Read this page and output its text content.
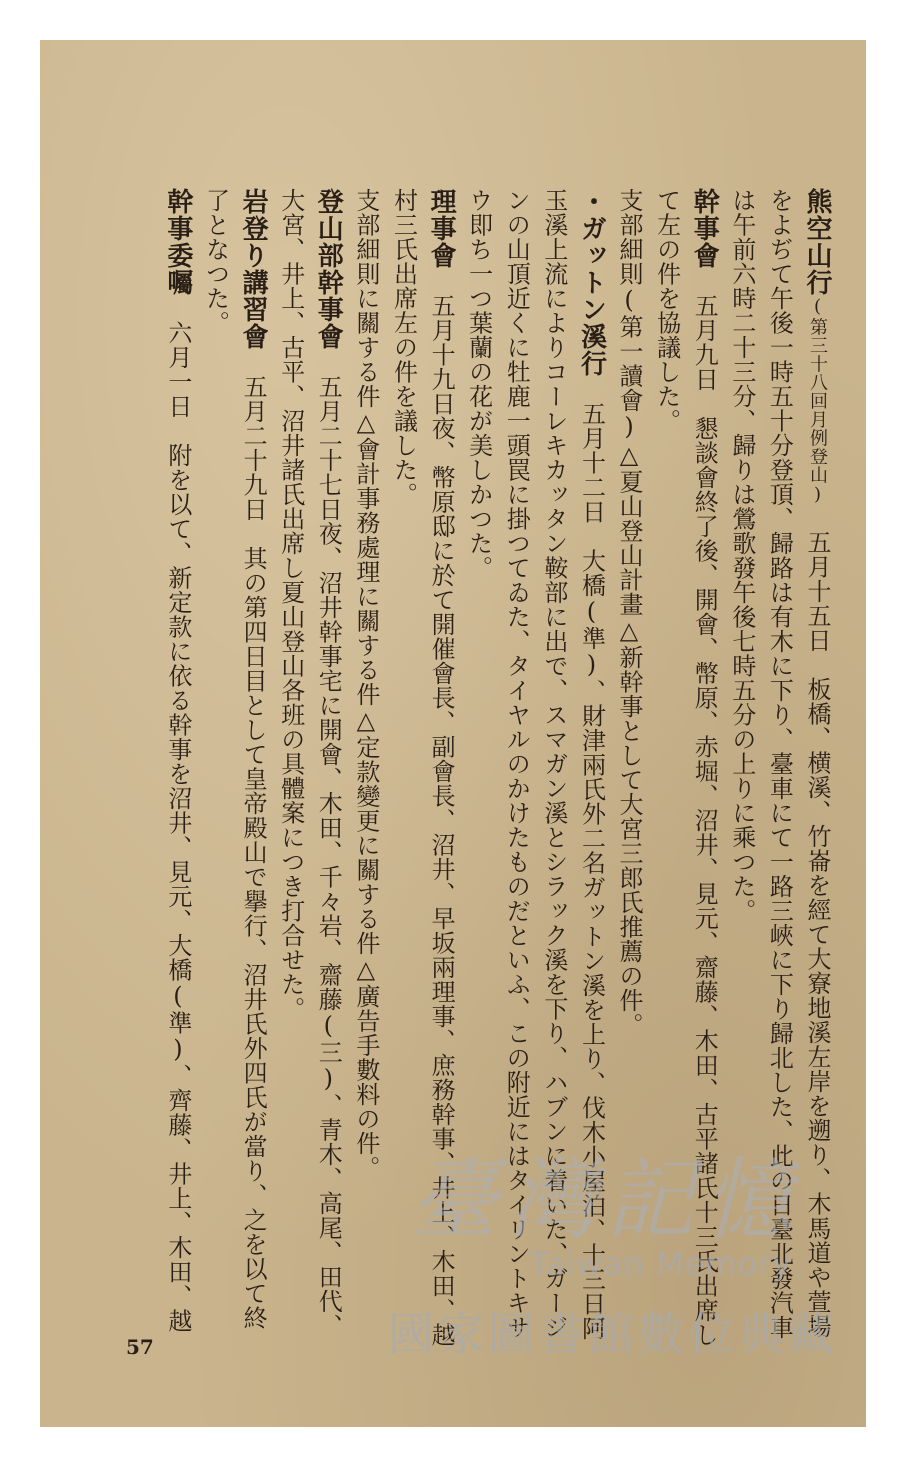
熊空山行(第三十八回月例登山)　五月十五日　板橋、横溪、竹崙を經て大寮地溪左岸を遡り、木馬道や萱場をよぢて午後一時五十分登頂、歸路は有木に下り、臺車にて一路三峽に下り歸北した、此の日臺北發汽車は午前六時二十三分、歸りは鶯歌發午後七時五分の上りに乘つた。

幹事會　五月九日　懇談會終了後、開會、幣原、赤堀、沼井、見元、齋藤、木田、古平諸氏十三氏出席して左の件を協議した。

支部細則(第一讀會)△夏山登山計畫△新幹事として大宮三郎氏推薦の件。

・ガットン溪行　五月十二日　大橋(準)、財津兩氏外二名ガットン溪を上り、伐木小屋泊、十三日阿玉溪上流によりコーレキカッタン鞍部に出で、スマガン溪とシラック溪を下り、ハブンに着いた、ガージンの山頂近くに牡鹿一頭罠に掛つてゐた、タイヤルのかけたものだといふ、この附近にはタイリントキサウ即ち一つ葉蘭の花が美しかつた。

理事會　五月十九日夜、幣原邸に於て開催會長、副會長、沼井、早坂兩理事、庶務幹事、井上、木田、越村三氏出席左の件を議した。

支部細則に關する件△會計事務處理に關する件△定款變更に關する件△廣告手數料の件。

登山部幹事會　五月二十七日夜、沼井幹事宅に開會、木田、千々岩、齋藤(三)、青木、高尾、田代、大宮、井上、古平、沼井諸氏出席し夏山登山各班の具體案につき打合せた。

岩登り講習會　五月二十九日　其の第四日目として皇帝殿山で擧行、沼井氏外四氏が當り、之を以て終了となつた。

幹事委囑　六月一日　附を以て、新定款に依る幹事を沼井、見元、大橋(準)、齊藤、井上、木田、越

57
臺灣記憶
Taiwan Memory
國家圖書館數位典藏
